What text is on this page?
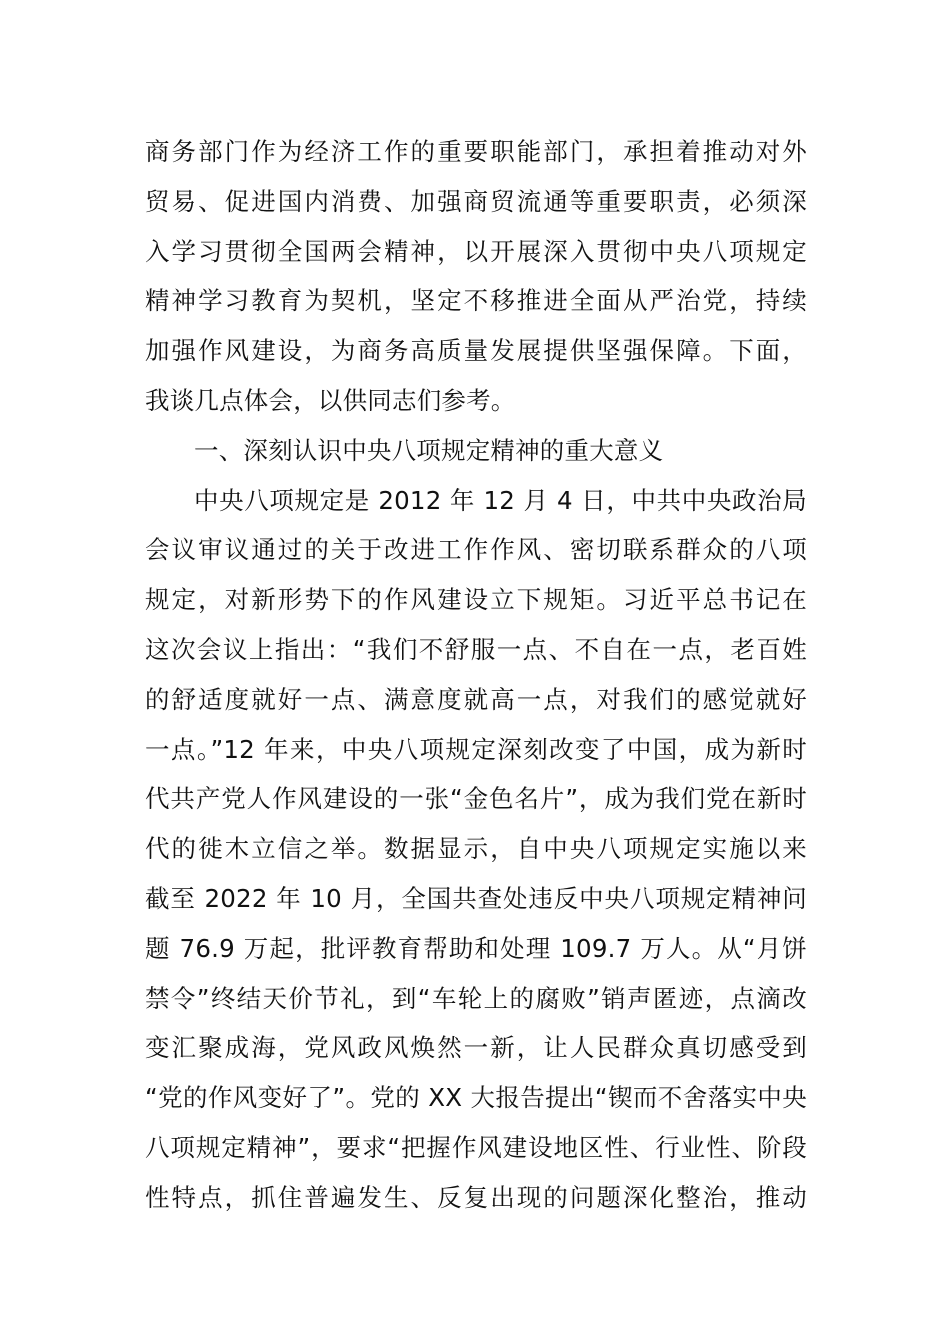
商务部门作为经济工作的重要职能部门，承担着推动对外
贸易、促进国内消费、加强商贸流通等重要职责，必须深
入学习贯彻全国两会精神，以开展深入贯彻中央八项规定
精神学习教育为契机，坚定不移推进全面从严治党，持续
加强作风建设，为商务高质量发展提供坚强保障。下面，
我谈几点体会，以供同志们参考。
一、深刻认识中央八项规定精神的重大意义
中央八项规定是 2012 年 12 月 4 日，中共中央政治局
会议审议通过的关于改进工作作风、密切联系群众的八项
规定，对新形势下的作风建设立下规矩。习近平总书记在
这次会议上指出：“我们不舒服一点、不自在一点，老百姓
的舒适度就好一点、满意度就高一点，对我们的感觉就好
一点。”12 年来，中央八项规定深刻改变了中国，成为新时
代共产党人作风建设的一张“金色名片”，成为我们党在新时
代的徙木立信之举。数据显示，自中央八项规定实施以来
截至 2022 年 10 月，全国共查处违反中央八项规定精神问
题 76.9 万起，批评教育帮助和处理 109.7 万人。从“月饼
禁令”终结天价节礼，到“车轮上的腐败”销声匿迹，点滴改
变汇聚成海，党风政风焕然一新，让人民群众真切感受到
“党的作风变好了”。党的 XX 大报告提出“锲而不舍落实中央
八项规定精神”，要求“把握作风建设地区性、行业性、阶段
性特点，抓住普遍发生、反复出现的问题深化整治，推动
